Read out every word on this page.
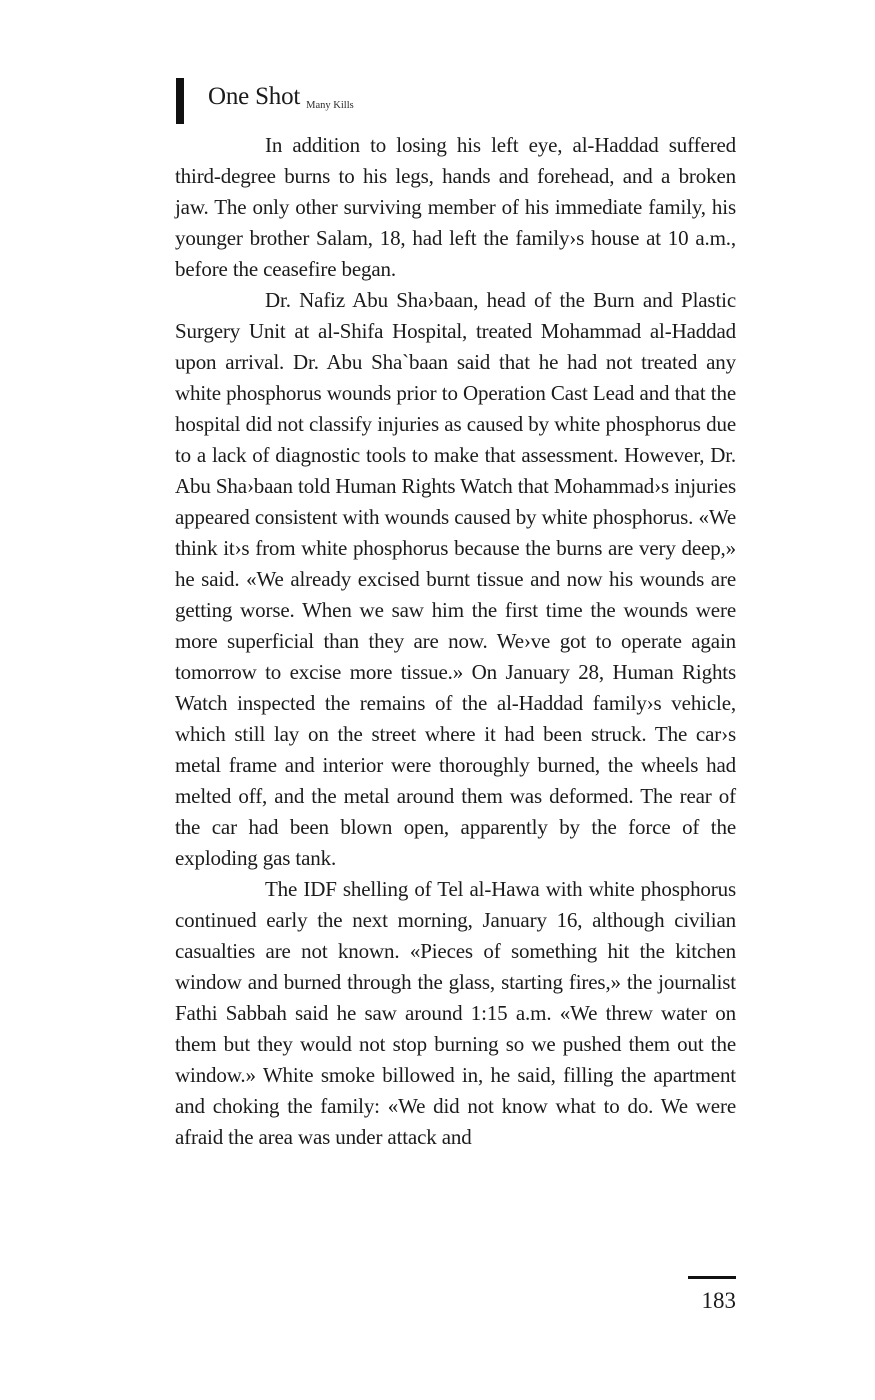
One Shot Many Kills

In addition to losing his left eye, al-Haddad suffered third-degree burns to his legs, hands and forehead, and a broken jaw. The only other surviving member of his immediate family, his younger brother Salam, 18, had left the family›s house at 10 a.m., before the ceasefire began.

Dr. Nafiz Abu Sha›baan, head of the Burn and Plastic Surgery Unit at al-Shifa Hospital, treated Mohammad al-Haddad upon arrival. Dr. Abu Sha`baan said that he had not treated any white phosphorus wounds prior to Operation Cast Lead and that the hospital did not classify injuries as caused by white phosphorus due to a lack of diagnostic tools to make that assessment. However, Dr. Abu Sha›baan told Human Rights Watch that Mohammad›s injuries appeared consistent with wounds caused by white phosphorus. «We think it›s from white phosphorus because the burns are very deep,» he said. «We already excised burnt tissue and now his wounds are getting worse. When we saw him the first time the wounds were more superficial than they are now. We›ve got to operate again tomorrow to excise more tissue.» On January 28, Human Rights Watch inspected the remains of the al-Haddad family›s vehicle, which still lay on the street where it had been struck. The car›s metal frame and interior were thoroughly burned, the wheels had melted off, and the metal around them was deformed. The rear of the car had been blown open, apparently by the force of the exploding gas tank.

The IDF shelling of Tel al-Hawa with white phosphorus continued early the next morning, January 16, although civilian casualties are not known. «Pieces of something hit the kitchen window and burned through the glass, starting fires,» the journalist Fathi Sabbah said he saw around 1:15 a.m. «We threw water on them but they would not stop burning so we pushed them out the window.» White smoke billowed in, he said, filling the apartment and choking the family: «We did not know what to do. We were afraid the area was under attack and

183
